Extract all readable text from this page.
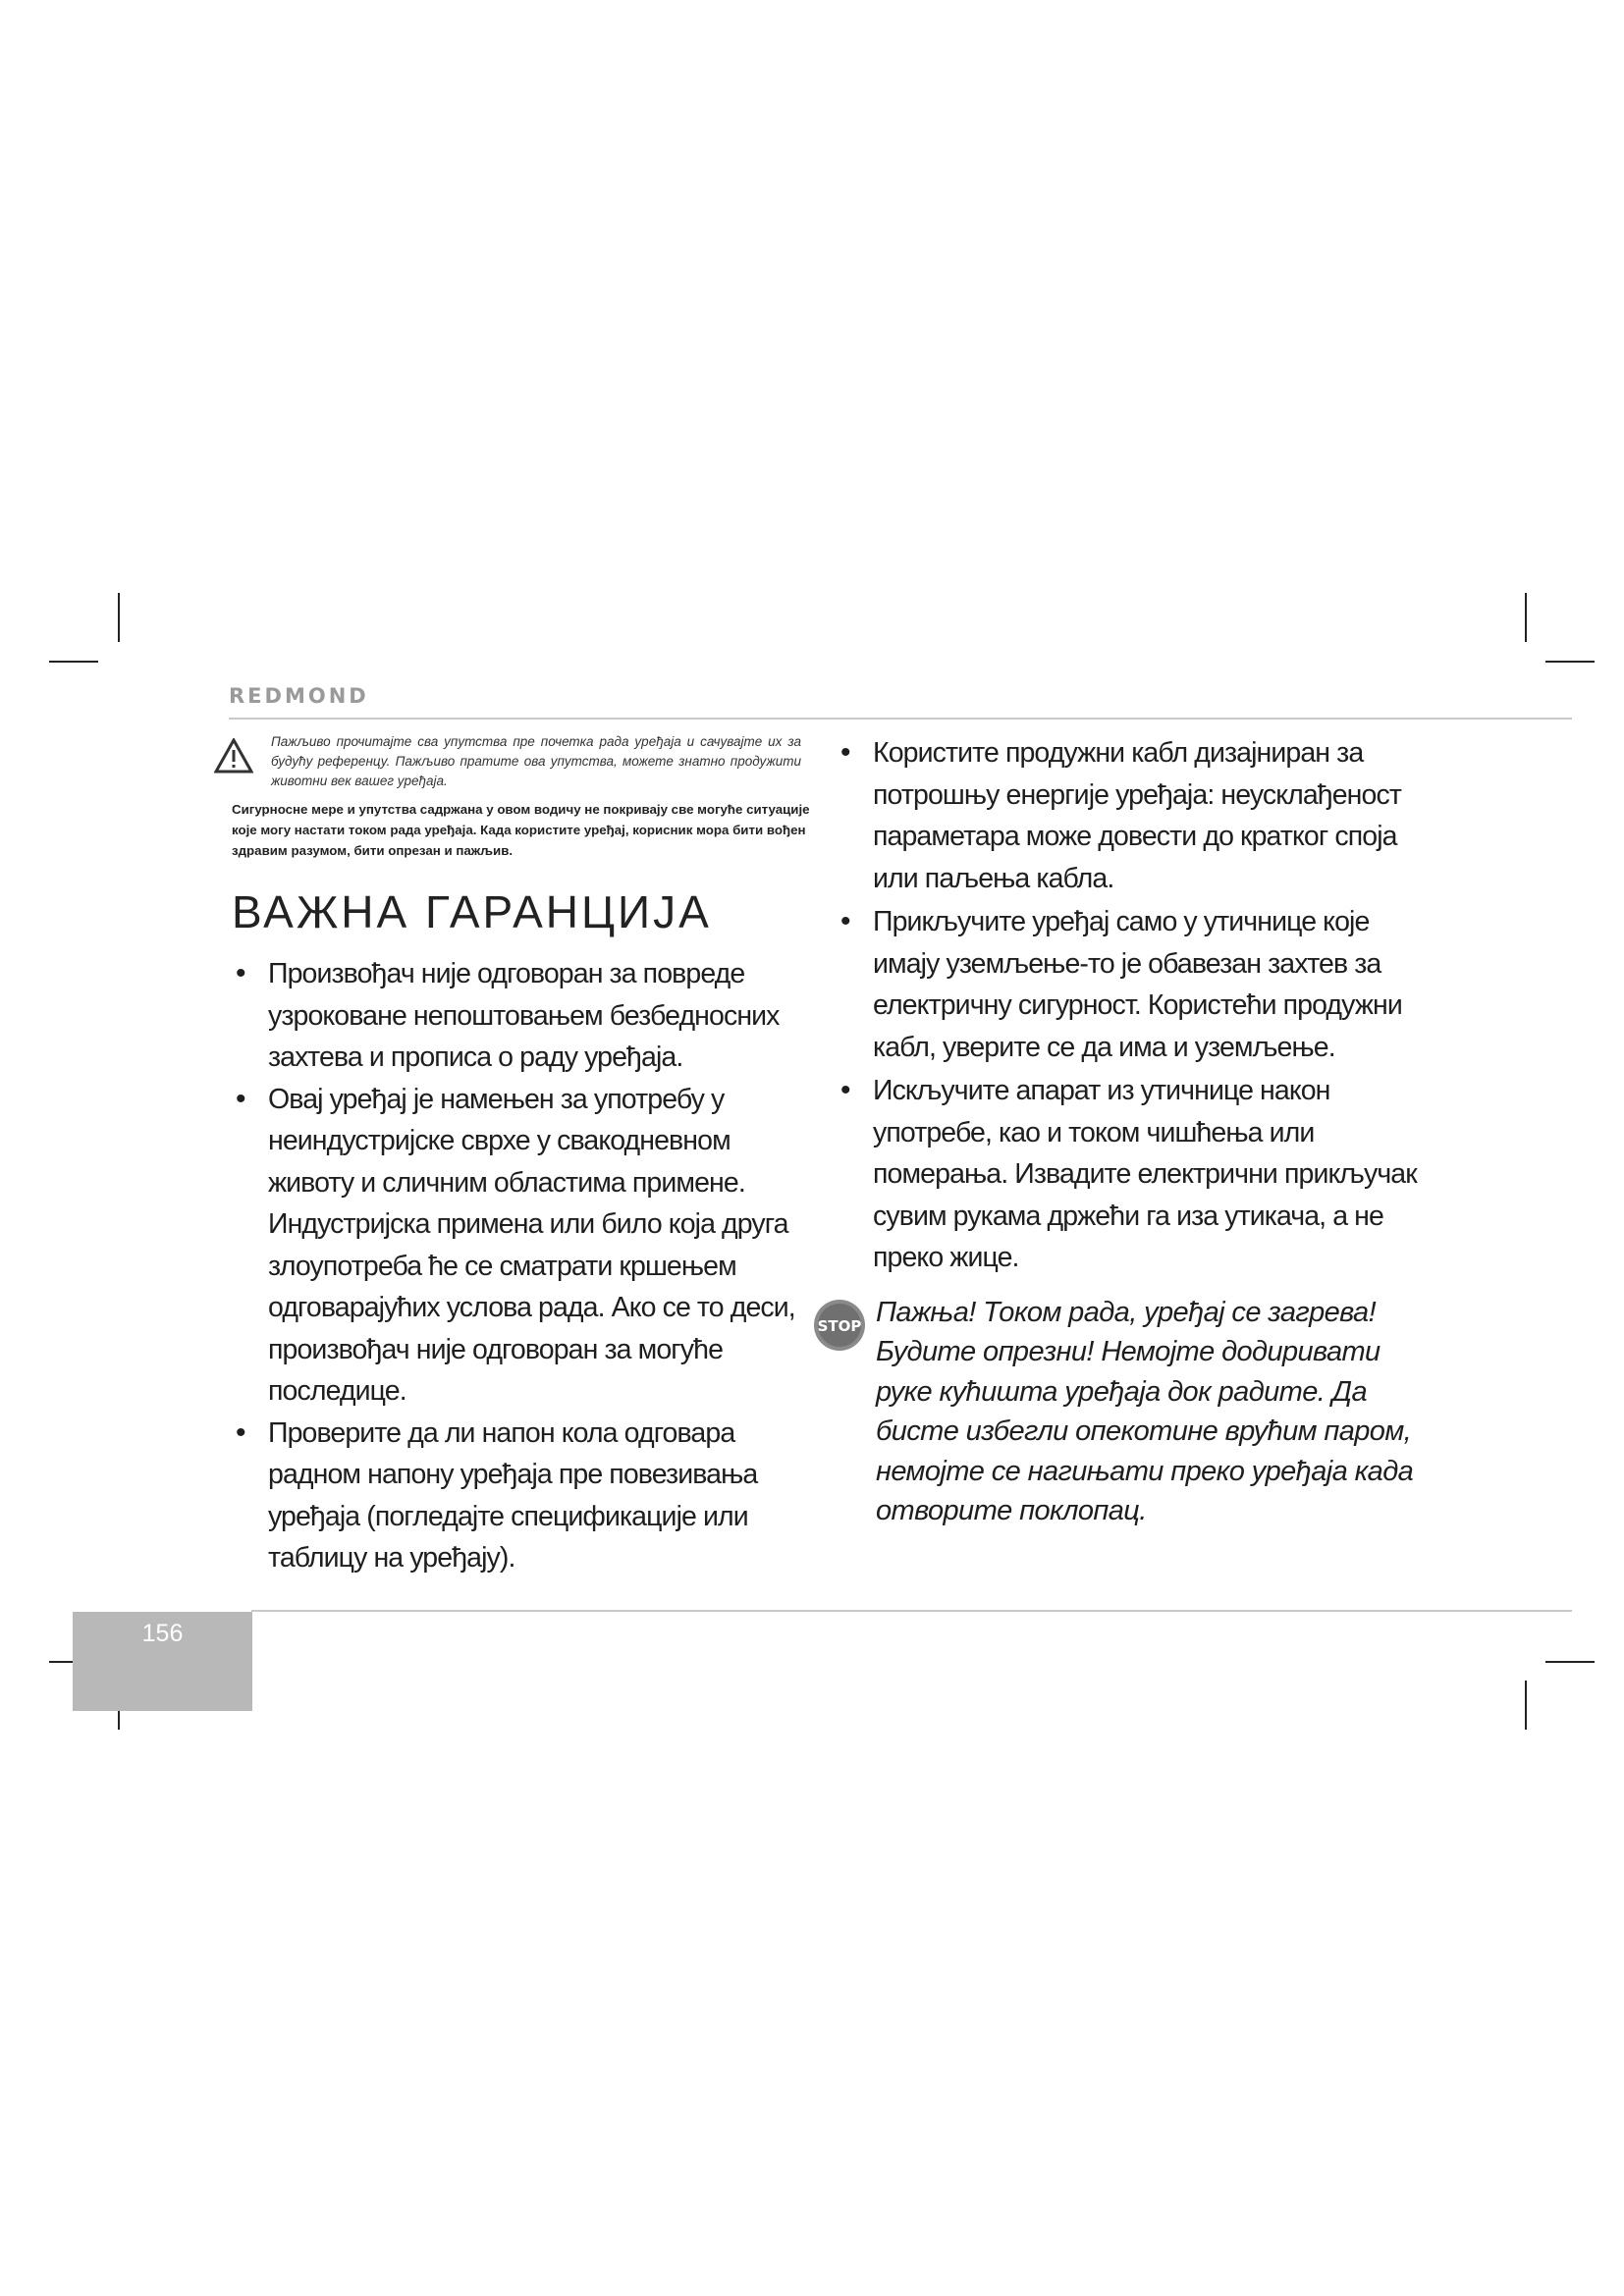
REDMOND
Пажљиво прочитајте сва упутства пре почетка рада уређаја и сачувајте их за будућу референцу. Пажљиво пратите ова упутства, можете знатно продужити животни век вашег уређаја.
Сигурносне мере и упутства садржана у овом водичу не покривају све могуће ситуације које могу настати током рада уређаја. Када користите уређај, корисник мора бити вођен здравим разумом, бити опрезан и пажљив.
ВАЖНА ГАРАНЦИЈА
• Произвођач није одговоран за повреде узроковане непоштовањем безбедносних захтева и прописа о раду уређаја.
• Овај уређај је намењен за употребу у неиндустријске сврхе у свакодневном животу и сличним областима примене. Индустријска примена или било која друга злоупотреба ће се сматрати кршењем одговарајућих услова рада. Ако се то деси, произвођач није одговоран за могуће последице.
• Проверите да ли напон кола одговара радном напону уређаја пре повезивања уређаја (погледајте спецификације или таблицу на уређају).
• Користите продужни кабл дизајниран за потрошњу енергије уређаја: неусклађеност параметара може довести до кратког споја или паљења кабла.
• Прикључите уређај само у утичнице које имају уземљење-то је обавезан захтев за електричну сигурност. Користећи продужни кабл, уверите се да има и уземљење.
• Искључите апарат из утичнице након употребе, као и током чишћења или померања. Извадите електрични прикључак сувим рукама држећи га иза утикача, а не преко жице.
STOP Пажња! Током рада, уређај се загрева! Будите опрезни! Немојте додиривати руке кућишта уређаја док радите. Да бисте избегли опекотине врућим паром, немојте се нагињати преко уређаја када отворите поклопац.
156
